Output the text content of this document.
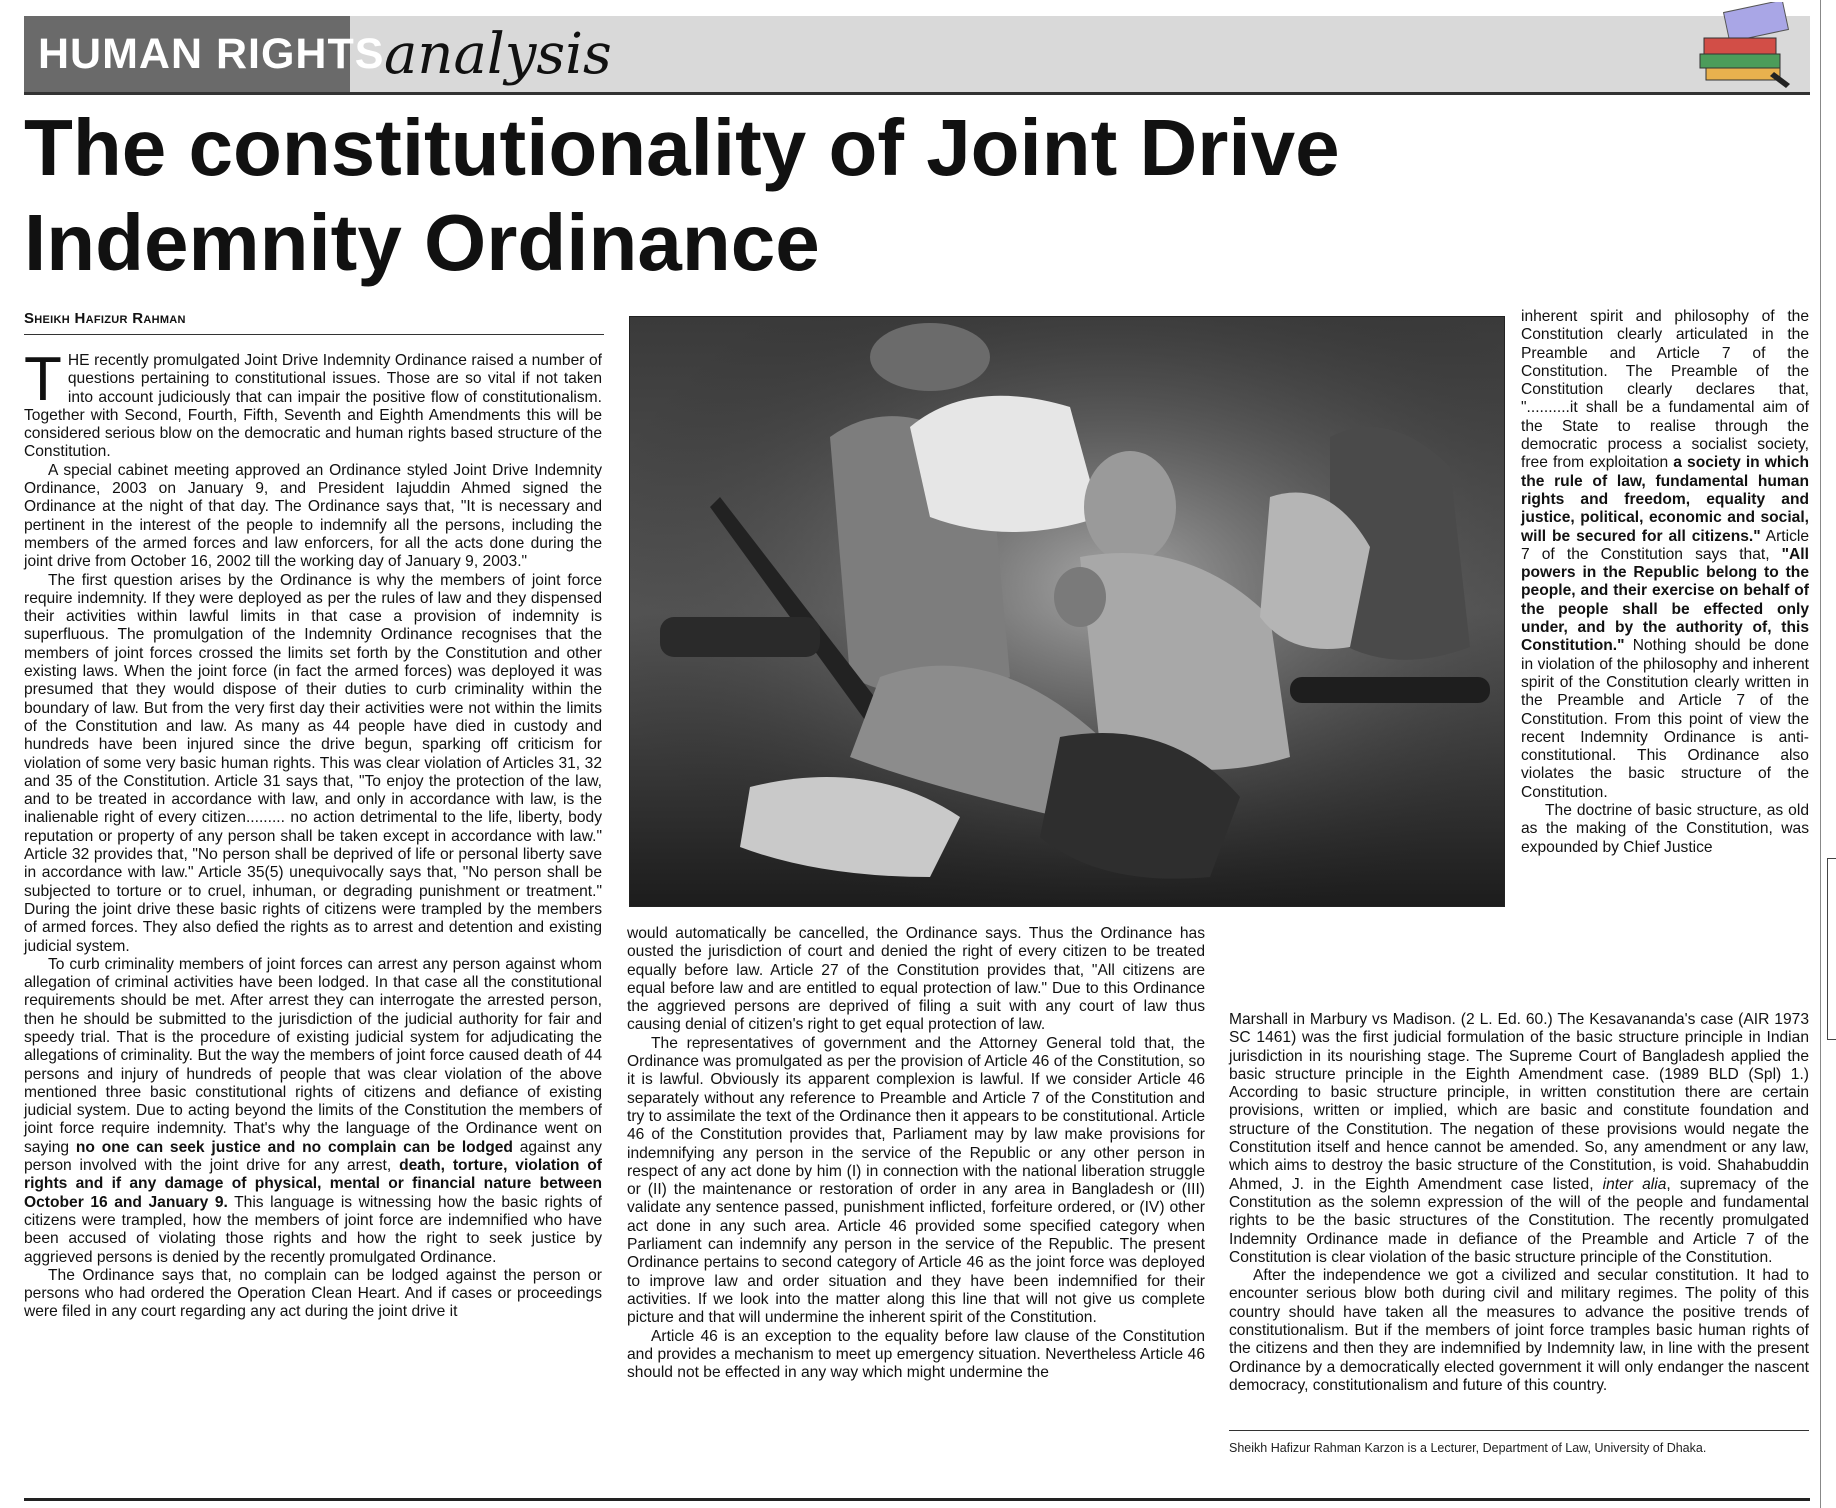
HUMAN RIGHTS analysis
The constitutionality of Joint Drive Indemnity Ordinance
Sheikh Hafizur Rahman

THE recently promulgated Joint Drive Indemnity Ordinance raised a number of questions pertaining to constitutional issues. Those are so vital if not taken into account judiciously that can impair the positive flow of constitutionalism. Together with Second, Fourth, Fifth, Seventh and Eighth Amendments this will be considered serious blow on the democratic and human rights based structure of the Constitution.

A special cabinet meeting approved an Ordinance styled Joint Drive Indemnity Ordinance, 2003 on January 9, and President Iajuddin Ahmed signed the Ordinance at the night of that day. The Ordinance says that, "It is necessary and pertinent in the interest of the people to indemnify all the persons, including the members of the armed forces and law enforcers, for all the acts done during the joint drive from October 16, 2002 till the working day of January 9, 2003."

The first question arises by the Ordinance is why the members of joint force require indemnity. If they were deployed as per the rules of law and they dispensed their activities within lawful limits in that case a provision of indemnity is superfluous. The promulgation of the Indemnity Ordinance recognises that the members of joint forces crossed the limits set forth by the Constitution and other existing laws. When the joint force (in fact the armed forces) was deployed it was presumed that they would dispose of their duties to curb criminality within the boundary of law. But from the very first day their activities were not within the limits of the Constitution and law. As many as 44 people have died in custody and hundreds have been injured since the drive begun, sparking off criticism for violation of some very basic human rights. This was clear violation of Articles 31, 32 and 35 of the Constitution. Article 31 says that, "To enjoy the protection of the law, and to be treated in accordance with law, and only in accordance with law, is the inalienable right of every citizen......... no action detrimental to the life, liberty, body reputation or property of any person shall be taken except in accordance with law." Article 32 provides that, "No person shall be deprived of life or personal liberty save in accordance with law." Article 35(5) unequivocally says that, "No person shall be subjected to torture or to cruel, inhuman, or degrading punishment or treatment." During the joint drive these basic rights of citizens were trampled by the members of armed forces. They also defied the rights as to arrest and detention and existing judicial system.

To curb criminality members of joint forces can arrest any person against whom allegation of criminal activities have been lodged. In that case all the constitutional requirements should be met. After arrest they can interrogate the arrested person, then he should be submitted to the jurisdiction of the judicial authority for fair and speedy trial. That is the procedure of existing judicial system for adjudicating the allegations of criminality. But the way the members of joint force caused death of 44 persons and injury of hundreds of people that was clear violation of the above mentioned three basic constitutional rights of citizens and defiance of existing judicial system. Due to acting beyond the limits of the Constitution the members of joint force require indemnity. That's why the language of the Ordinance went on saying no one can seek justice and no complain can be lodged against any person involved with the joint drive for any arrest, death, torture, violation of rights and if any damage of physical, mental or financial nature between October 16 and January 9. This language is witnessing how the basic rights of citizens were trampled, how the members of joint force are indemnified who have been accused of violating those rights and how the right to seek justice by aggrieved persons is denied by the recently promulgated Ordinance.

The Ordinance says that, no complain can be lodged against the person or persons who had ordered the Operation Clean Heart. And if cases or proceedings were filed in any court regarding any act during the joint drive it

would automatically be cancelled, the Ordinance says. Thus the Ordinance has ousted the jurisdiction of court and denied the right of every citizen to be treated equally before law. Article 27 of the Constitution provides that, "All citizens are equal before law and are entitled to equal protection of law." Due to this Ordinance the aggrieved persons are deprived of filing a suit with any court of law thus causing denial of citizen's right to get equal protection of law.

The representatives of government and the Attorney General told that, the Ordinance was promulgated as per the provision of Article 46 of the Constitution, so it is lawful. Obviously its apparent complexion is lawful. If we consider Article 46 separately without any reference to Preamble and Article 7 of the Constitution and try to assimilate the text of the Ordinance then it appears to be constitutional. Article 46 of the Constitution provides that, Parliament may by law make provisions for indemnifying any person in the service of the Republic or any other person in respect of any act done by him (I) in connection with the national liberation struggle or (II) the maintenance or restoration of order in any area in Bangladesh or (III) validate any sentence passed, punishment inflicted, forfeiture ordered, or (IV) other act done in any such area. Article 46 provided some specified category when Parliament can indemnify any person in the service of the Republic. The present Ordinance pertains to second category of Article 46 as the joint force was deployed to improve law and order situation and they have been indemnified for their activities. If we look into the matter along this line that will not give us complete picture and that will undermine the inherent spirit of the Constitution.

Article 46 is an exception to the equality before law clause of the Constitution and provides a mechanism to meet up emergency situation. Nevertheless Article 46 should not be effected in any way which might undermine the

inherent spirit and philosophy of the Constitution clearly articulated in the Preamble and Article 7 of the Constitution. The Preamble of the Constitution clearly declares that, "..........it shall be a fundamental aim of the State to realise through the democratic process a socialist society, free from exploitation a society in which the rule of law, fundamental human rights and freedom, equality and justice, political, economic and social, will be secured for all citizens." Article 7 of the Constitution says that, "All powers in the Republic belong to the people, and their exercise on behalf of the people shall be effected only under, and by the authority of, this Constitution." Nothing should be done in violation of the philosophy and inherent spirit of the Constitution clearly written in the Preamble and Article 7 of the Constitution. From this point of view the recent Indemnity Ordinance is anti-constitutional. This Ordinance also violates the basic structure of the Constitution.

The doctrine of basic structure, as old as the making of the Constitution, was expounded by Chief Justice

Marshall in Marbury vs Madison. (2 L. Ed. 60.) The Kesavananda's case (AIR 1973 SC 1461) was the first judicial formulation of the basic structure principle in Indian jurisdiction in its nourishing stage. The Supreme Court of Bangladesh applied the basic structure principle in the Eighth Amendment case. (1989 BLD (Spl) 1.) According to basic structure principle, in written constitution there are certain provisions, written or implied, which are basic and constitute foundation and structure of the Constitution. The negation of these provisions would negate the Constitution itself and hence cannot be amended. So, any amendment or any law, which aims to destroy the basic structure of the Constitution, is void. Shahabuddin Ahmed, J. in the Eighth Amendment case listed, inter alia, supremacy of the Constitution as the solemn expression of the will of the people and fundamental rights to be the basic structures of the Constitution. The recently promulgated Indemnity Ordinance made in defiance of the Preamble and Article 7 of the Constitution is clear violation of the basic structure principle of the Constitution.

After the independence we got a civilized and secular constitution. It had to encounter serious blow both during civil and military regimes. The polity of this country should have taken all the measures to advance the positive trends of constitutionalism. But if the members of joint force tramples basic human rights of the citizens and then they are indemnified by Indemnity law, in line with the present Ordinance by a democratically elected government it will only endanger the nascent democracy, constitutionalism and future of this country.

Sheikh Hafizur Rahman Karzon is a Lecturer, Department of Law, University of Dhaka.
